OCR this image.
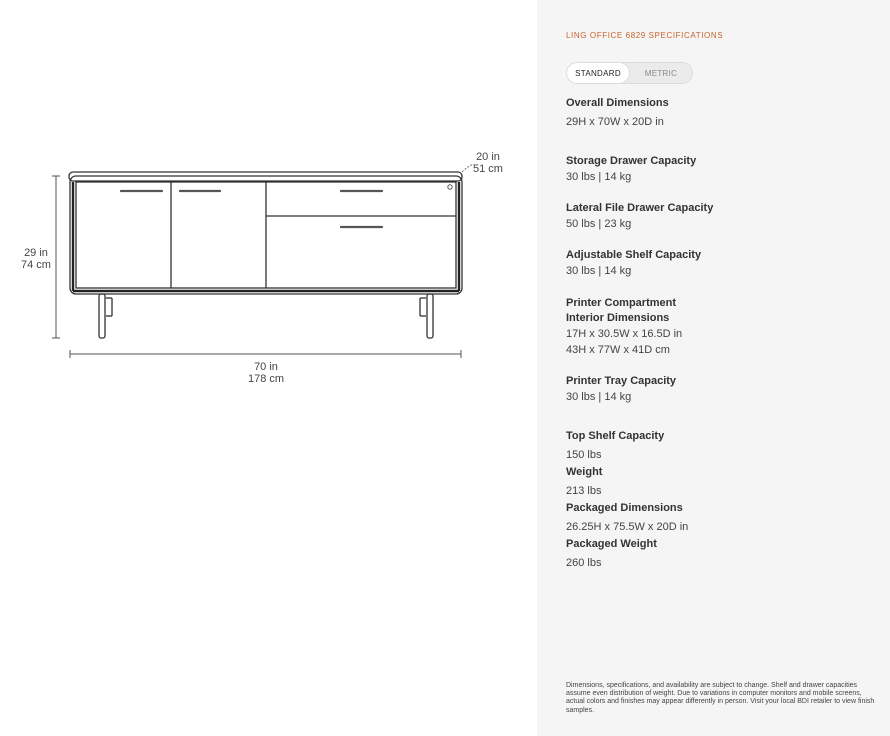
20 in
51 cm
29 in
74 cm
70 in
178 cm
LING OFFICE 6829 SPECIFICATIONS
STANDARD	METRIC
Overall Dimensions
29H x 70W x 20D in
Storage Drawer Capacity
30 lbs | 14 kg
Lateral File Drawer Capacity
50 lbs | 23 kg
Adjustable Shelf Capacity
30 lbs | 14 kg
Printer Compartment Interior Dimensions
17H x 30.5W x 16.5D in
43H x 77W x 41D cm
Printer Tray Capacity
30 lbs | 14 kg
Top Shelf Capacity
150 lbs
Weight
213 lbs
Packaged Dimensions
26.25H x 75.5W x 20D in
Packaged Weight
260 lbs
Dimensions, specifications, and availability are subject to change. Shelf and drawer capacities assume even distribution of weight. Due to variations in computer monitors and mobile screens, actual colors and finishes may appear differently in person. Visit your local BDI retailer to view finish samples.
